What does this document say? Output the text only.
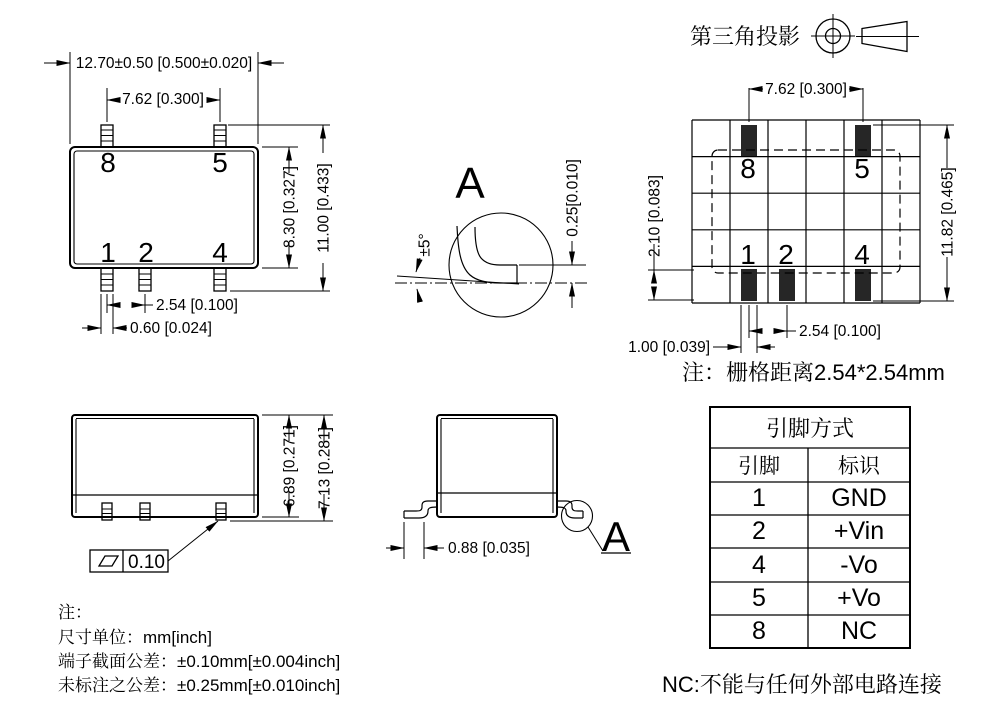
8	5
1 2 4
12.70±0.50 [0.500±0.020]
7.62 [0.300]
8.30 [0.327] 11.00 [0.433]
2.54 [0.100]
0.60 [0.024]
A
±5°
0.25[0.010]
第三角投影
8	5
1 2 4
7.62 [0.300]
2.10 [0.083]	11.82 [0.465]
2.54 [0.100]
1.00 [0.039]
注：栅格距离2.54*2.54mm
6.89 [0.271] 7.13 [0.281]
0.10
A
0.88 [0.035]
引脚方式
引脚	标识
1	GND
2	+Vin
4	-Vo
5	+Vo
8	NC
NC:不能与任何外部电路连接
注：
尺寸单位：mm[inch]
端子截面公差：±0.10mm[±0.004inch]
未标注之公差：±0.25mm[±0.010inch]
